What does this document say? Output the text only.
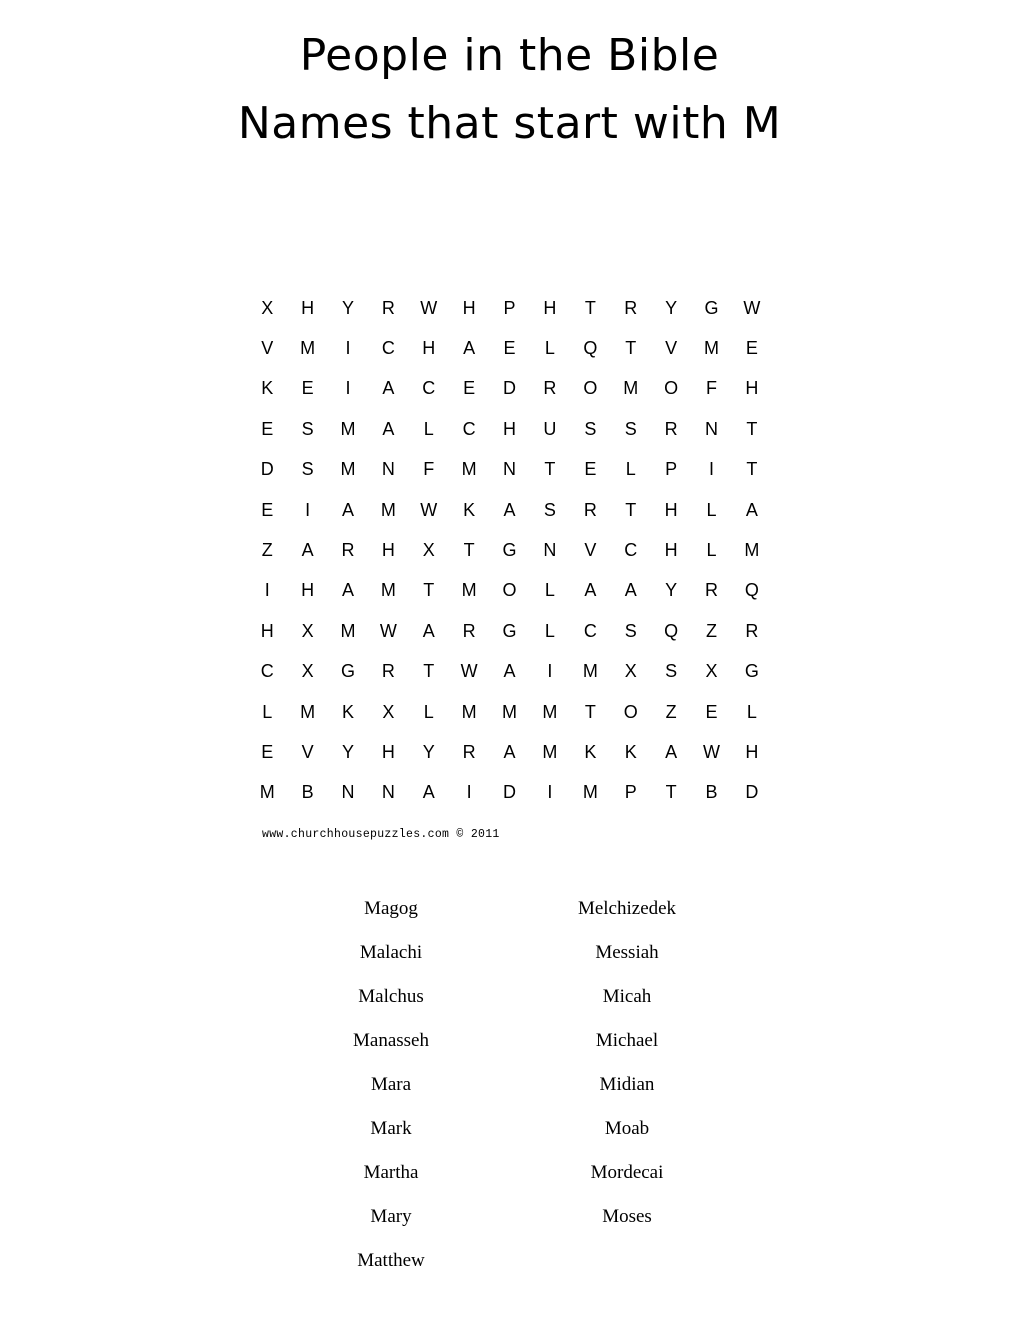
People in the Bible
Names that start with M
X	H	Y	R	W	H	P	H	T	R	Y	G	W
V	M	I	C	H	A	E	L	Q	T	V	M	E
K	E	I	A	C	E	D	R	O	M	O	F	H
E	S	M	A	L	C	H	U	S	S	R	N	T
D	S	M	N	F	M	N	T	E	L	P	I	T
E	I	A	M	W	K	A	S	R	T	H	L	A
Z	A	R	H	X	T	G	N	V	C	H	L	M
I	H	A	M	T	M	O	L	A	A	Y	R	Q
H	X	M	W	A	R	G	L	C	S	Q	Z	R
C	X	G	R	T	W	A	I	M	X	S	X	G
L	M	K	X	L	M	M	M	T	O	Z	E	L
E	V	Y	H	Y	R	A	M	K	K	A	W	H
M	B	N	N	A	I	D	I	M	P	T	B	D
www.churchhousepuzzles.com © 2011
Magog
Malachi
Malchus
Manasseh
Mara
Mark
Martha
Mary
Matthew
Melchizedek
Messiah
Micah
Michael
Midian
Moab
Mordecai
Moses
